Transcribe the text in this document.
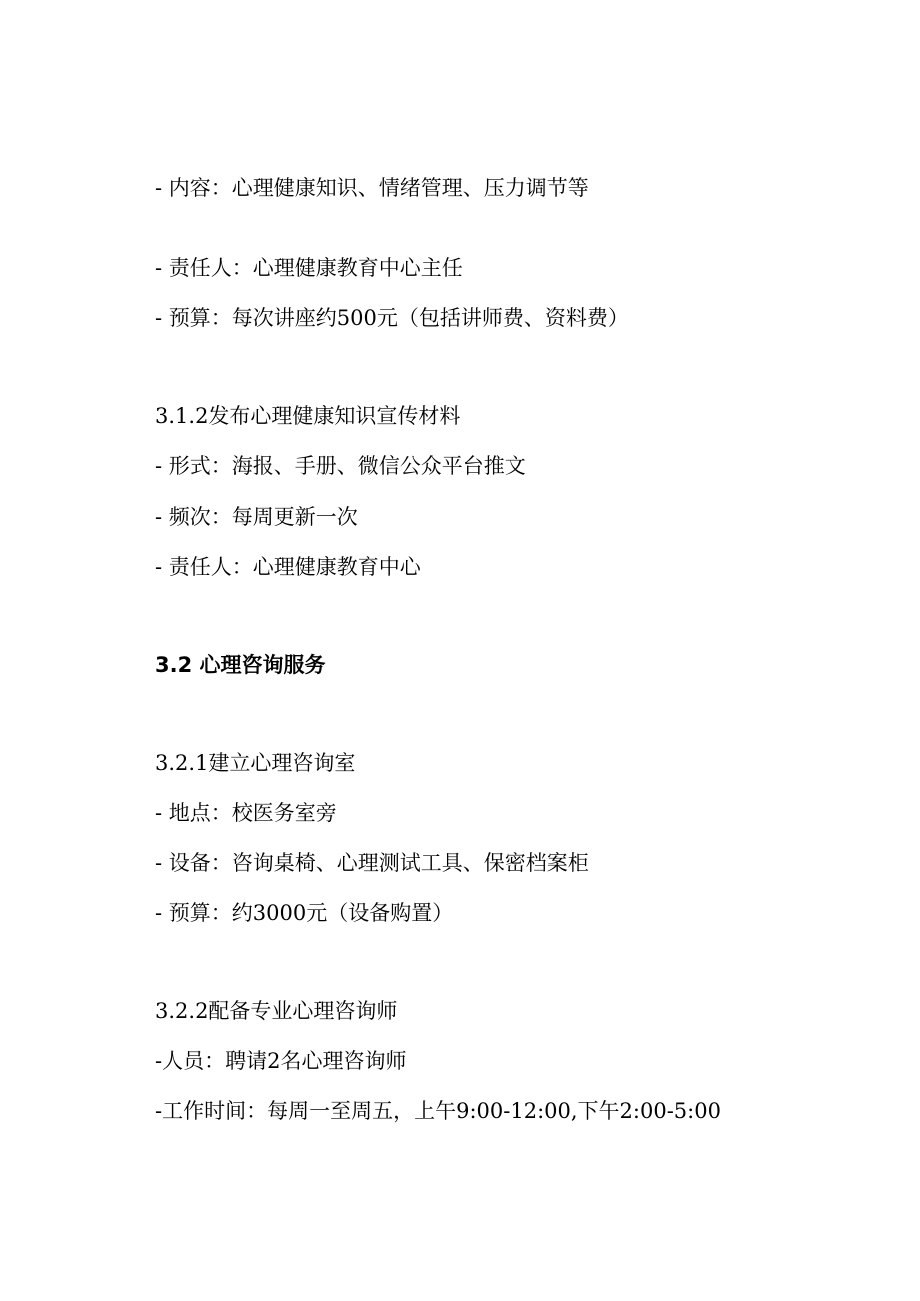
- 内容：心理健康知识、情绪管理、压力调节等

- 责任人：心理健康教育中心主任

- 预算：每次讲座约500元（包括讲师费、资料费）

3.1.2发布心理健康知识宣传材料

- 形式：海报、手册、微信公众平台推文

- 频次：每周更新一次

- 责任人：心理健康教育中心

3.2 心理咨询服务

3.2.1建立心理咨询室

- 地点：校医务室旁

- 设备：咨询桌椅、心理测试工具、保密档案柜

- 预算：约3000元（设备购置）

3.2.2配备专业心理咨询师

-人员：聘请2名心理咨询师

-工作时间：每周一至周五，上午9:00-12:00,下午2:00-5:00
